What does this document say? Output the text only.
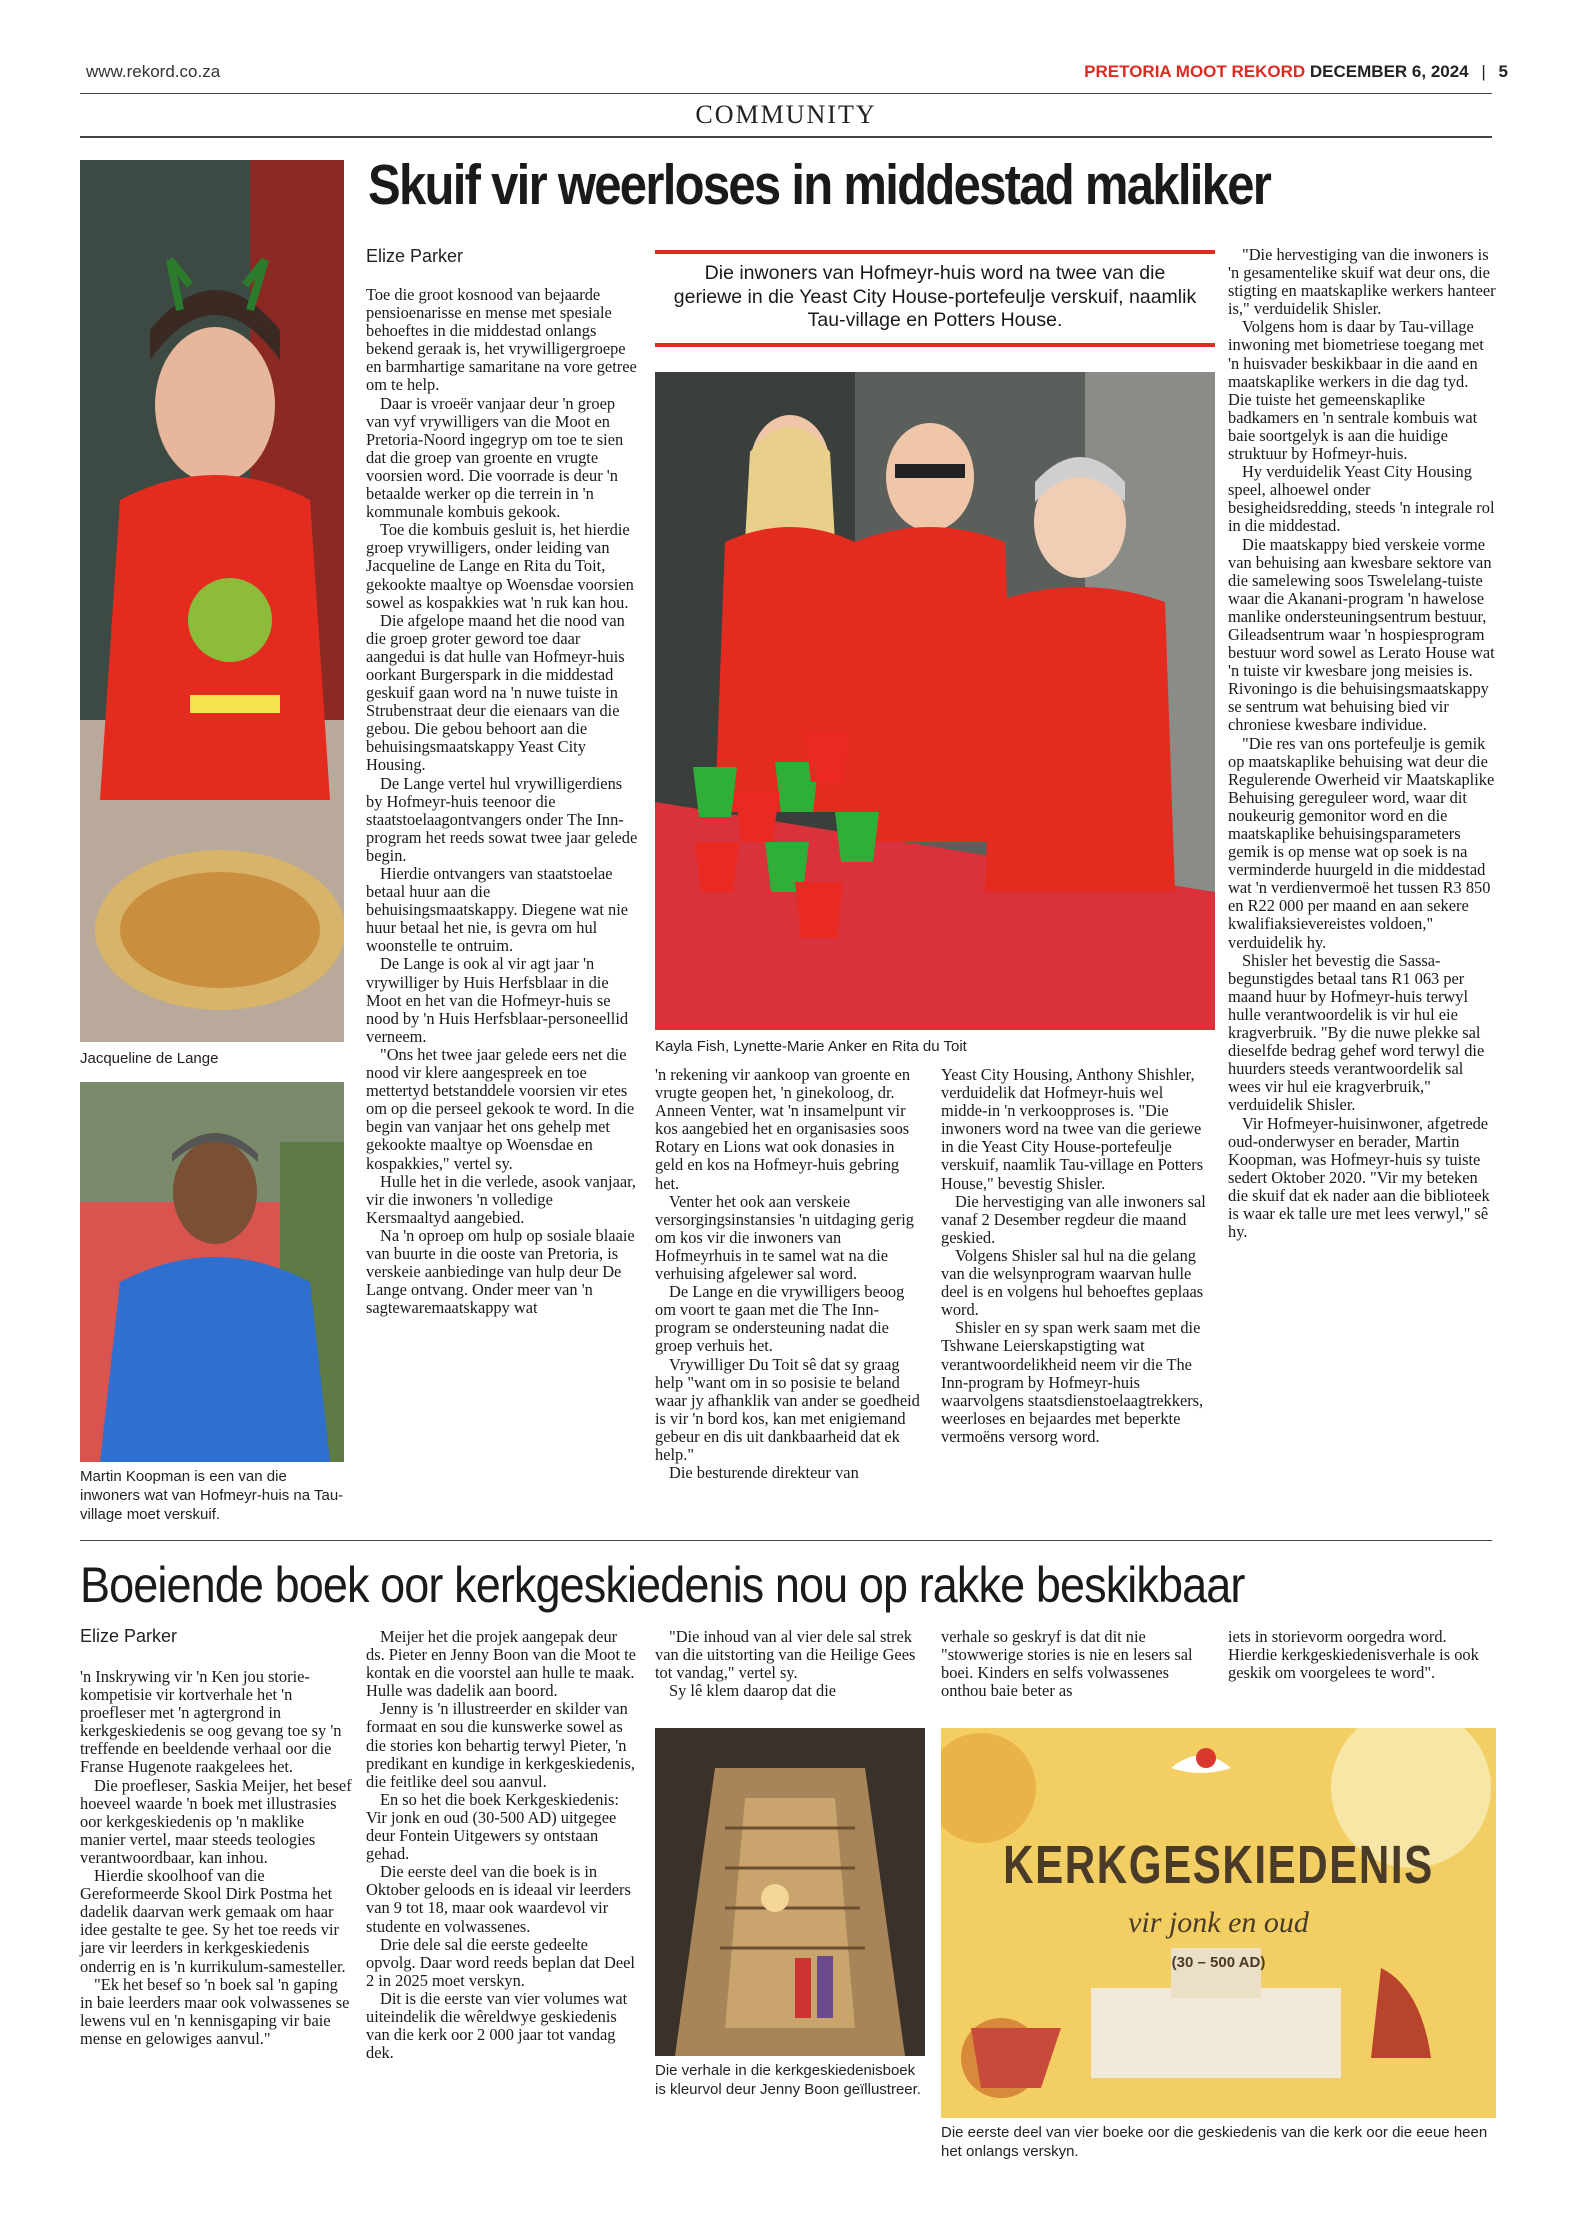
www.rekord.co.za	PRETORIA MOOT REKORD DECEMBER 6, 2024 | 5
COMMUNITY
Skuif vir weerloses in middestad makliker
Jacqueline de Lange
Martin Koopman is een van die inwoners wat van Hofmeyr-huis na Tau-village moet verskuif.
Elize Parker

Toe die groot kosnood van bejaarde pensioenarisse en mense met spesiale behoeftes in die middestad onlangs bekend geraak is, het vrywilligergroepe en barmhartige samaritane na vore getree om te help.

Daar is vroeër vanjaar deur 'n groep van vyf vrywilligers van die Moot en Pretoria-Noord ingegryp om toe te sien dat die groep van groente en vrugte voorsien word. Die voorrade is deur 'n betaalde werker op die terrein in 'n kommunale kombuis gekook.

Toe die kombuis gesluit is, het hierdie groep vrywilligers, onder leiding van Jacqueline de Lange en Rita du Toit, gekookte maaltye op Woensdae voorsien sowel as kospakkies wat 'n ruk kan hou.

Die afgelope maand het die nood van die groep groter geword toe daar aangedui is dat hulle van Hofmeyr-huis oorkant Burgerspark in die middestad geskuif gaan word na 'n nuwe tuiste in Strubenstraat deur die eienaars van die gebou. Die gebou behoort aan die behuisingsmaatskappy Yeast City Housing.

De Lange vertel hul vrywilligerdiens by Hofmeyr-huis teenoor die staatstoelaagontvangers onder The Inn-program het reeds sowat twee jaar gelede begin.

Hierdie ontvangers van staatstoelae betaal huur aan die behuisingsmaatskappy. Diegene wat nie huur betaal het nie, is gevra om hul woonstelle te ontruim.

De Lange is ook al vir agt jaar 'n vrywilliger by Huis Herfsblaar in die Moot en het van die Hofmeyr-huis se nood by 'n Huis Herfsblaar-personeellid verneem.

"Ons het twee jaar gelede eers net die nood vir klere aangespreek en toe mettertyd betstanddele voorsien vir etes om op die perseel gekook te word. In die begin van vanjaar het ons gehelp met gekookte maaltye op Woensdae en kospakkies," vertel sy.

Hulle het in die verlede, asook vanjaar, vir die inwoners 'n volledige Kersmaaltyd aangebied.

Na 'n oproep om hulp op sosiale blaaie van buurte in die ooste van Pretoria, is verskeie aanbiedinge van hulp deur De Lange ontvang. Onder meer van 'n sagtewaremaatskappy wat

Die inwoners van Hofmeyr-huis word na twee van die geriewe in die Yeast City House-portefeulje verskuif, naamlik Tau-village en Potters House.
Kayla Fish, Lynette-Marie Anker en Rita du Toit

'n rekening vir aankoop van groente en vrugte geopen het, 'n ginekoloog, dr. Anneen Venter, wat 'n insamelpunt vir kos aangebied het en organisasies soos Rotary en Lions wat ook donasies in geld en kos na Hofmeyr-huis gebring het.

Venter het ook aan verskeie versorgingsinstansies 'n uitdaging gerig om kos vir die inwoners van Hofmeyrhuis in te samel wat na die verhuising afgelewer sal word.

De Lange en die vrywilligers beoog om voort te gaan met die The Inn-program se ondersteuning nadat die groep verhuis het.

Vrywilliger Du Toit sê dat sy graag help "want om in so posisie te beland waar jy afhanklik van ander se goedheid is vir 'n bord kos, kan met enigiemand gebeur en dis uit dankbaarheid dat ek help."

Die besturende direkteur van

Yeast City Housing, Anthony Shishler, verduidelik dat Hofmeyr-huis wel midde-in 'n verkoopproses is. "Die inwoners word na twee van die geriewe in die Yeast City House-portefeulje verskuif, naamlik Tau-village en Potters House," bevestig Shisler.

Die hervestiging van alle inwoners sal vanaf 2 Desember regdeur die maand geskied.

Volgens Shisler sal hul na die gelang van die welsynprogram waarvan hulle deel is en volgens hul behoeftes geplaas word.

Shisler en sy span werk saam met die Tshwane Leierskapstigting wat verantwoordelikheid neem vir die The Inn-program by Hofmeyr-huis waarvolgens staatsdienstoelaagtrekkers, weerloses en bejaardes met beperkte vermoëns versorg word.

"Die hervestiging van die inwoners is 'n gesamentelike skuif wat deur ons, die stigting en maatskaplike werkers hanteer is," verduidelik Shisler.

Volgens hom is daar by Tau-village inwoning met biometriese toegang met 'n huisvader beskikbaar in die aand en maatskaplike werkers in die dag tyd. Die tuiste het gemeenskaplike badkamers en 'n sentrale kombuis wat baie soortgelyk is aan die huidige struktuur by Hofmeyr-huis.

Hy verduidelik Yeast City Housing speel, alhoewel onder besigheidsredding, steeds 'n integrale rol in die middestad.

Die maatskappy bied verskeie vorme van behuising aan kwesbare sektore van die samelewing soos Tswelelang-tuiste waar die Akanani-program 'n hawelose manlike ondersteuningsentrum bestuur, Gileadsentrum waar 'n hospiesprogram bestuur word sowel as Lerato House wat 'n tuiste vir kwesbare jong meisies is. Rivoningo is die behuisingsmaatskappy se sentrum wat behuising bied vir chroniese kwesbare individue.

"Die res van ons portefeulje is gemik op maatskaplike behuising wat deur die Regulerende Owerheid vir Maatskaplike Behuising gereguleer word, waar dit noukeurig gemonitor word en die maatskaplike behuisingsparameters gemik is op mense wat op soek is na verminderde huurgeld in die middestad wat 'n verdienvermoë het tussen R3 850 en R22 000 per maand en aan sekere kwalifiaksievereistes voldoen," verduidelik hy.

Shisler het bevestig die Sassa-begunstigdes betaal tans R1 063 per maand huur by Hofmeyr-huis terwyl hulle verantwoordelik is vir hul eie kragverbruik. "By die nuwe plekke sal dieselfde bedrag gehef word terwyl die huurders steeds verantwoordelik sal wees vir hul eie kragverbruik," verduidelik Shisler.

Vir Hofmeyer-huisinwoner, afgetrede oud-onderwyser en berader, Martin Koopman, was Hofmeyr-huis sy tuiste sedert Oktober 2020. "Vir my beteken die skuif dat ek nader aan die biblioteek is waar ek talle ure met lees verwyl," sê hy.

Boeiende boek oor kerkgeskiedenis nou op rakke beskikbaar
Elize Parker

'n Inskrywing vir 'n Ken jou storie-kompetisie vir kortverhale het 'n proefleser met 'n agtergrond in kerkgeskiedenis se oog gevang toe sy 'n treffende en beeldende verhaal oor die Franse Hugenote raakgelees het.

Die proefleser, Saskia Meijer, het besef hoeveel waarde 'n boek met illustrasies oor kerkgeskiedenis op 'n maklike manier vertel, maar steeds teologies verantwoordbaar, kan inhou.

Hierdie skoolhoof van die Gereformeerde Skool Dirk Postma het dadelik daarvan werk gemaak om haar idee gestalte te gee. Sy het toe reeds vir jare vir leerders in kerkgeskiedenis onderrig en is 'n kurrikulum-samesteller.

"Ek het besef so 'n boek sal 'n gaping in baie leerders maar ook volwassenes se lewens vul en 'n kennisgaping vir baie mense en gelowiges aanvul."

Meijer het die projek aangepak deur ds. Pieter en Jenny Boon van die Moot te kontak en die voorstel aan hulle te maak. Hulle was dadelik aan boord.

Jenny is 'n illustreerder en skilder van formaat en sou die kunswerke sowel as die stories kon behartig terwyl Pieter, 'n predikant en kundige in kerkgeskiedenis, die feitlike deel sou aanvul.

En so het die boek Kerkgeskiedenis: Vir jonk en oud (30-500 AD) uitgegee deur Fontein Uitgewers sy ontstaan gehad.

Die eerste deel van die boek is in Oktober geloods en is ideaal vir leerders van 9 tot 18, maar ook waardevol vir studente en volwassenes.

Drie dele sal die eerste gedeelte opvolg. Daar word reeds beplan dat Deel 2 in 2025 moet verskyn.

Dit is die eerste van vier volumes wat uiteindelik die wêreldwye geskiedenis van die kerk oor 2 000 jaar tot vandag dek.

"Die inhoud van al vier dele sal strek van die uitstorting van die Heilige Gees tot vandag," vertel sy.

Sy lê klem daarop dat die

verhale so geskryf is dat dit nie "stowwerige stories is nie en lesers sal boei. Kinders en selfs volwassenes onthou baie beter as

iets in storievorm oorgedra word. Hierdie kerkgeskiedenisverhale is ook geskik om voorgelees te word".

Die verhale in die kerkgeskiedenisboek is kleurvol deur Jenny Boon geïllustreer.
KERKGESKIEDENIS
vir jonk en oud
(30 – 500 AD)
Die eerste deel van vier boeke oor die geskiedenis van die kerk oor die eeue heen het onlangs verskyn.
